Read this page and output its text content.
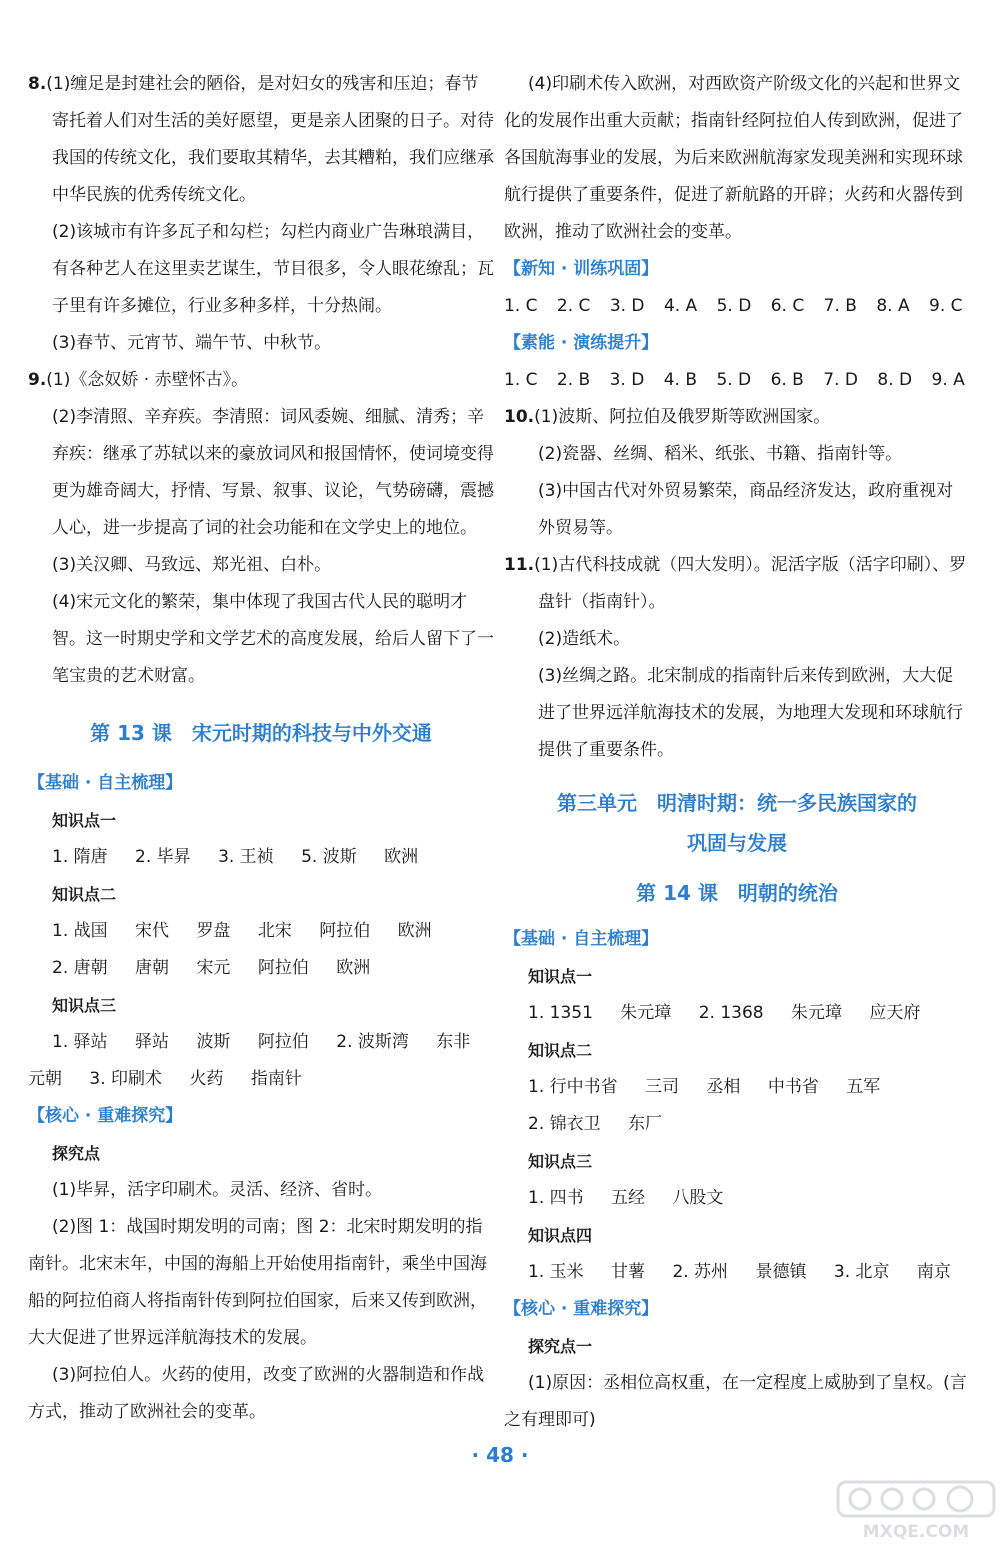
8.(1)缠足是封建社会的陋俗，是对妇女的残害和压迫；春节寄托着人们对生活的美好愿望，更是亲人团聚的日子。对待我国的传统文化，我们要取其精华，去其糟粕，我们应继承中华民族的优秀传统文化。

(2)该城市有许多瓦子和勾栏；勾栏内商业广告琳琅满目，有各种艺人在这里卖艺谋生，节目很多，令人眼花缭乱；瓦子里有许多摊位，行业多种多样，十分热闹。

(3)春节、元宵节、端午节、中秋节。

9.(1)《念奴娇 · 赤壁怀古》。

(2)李清照、辛弃疾。李清照：词风委婉、细腻、清秀；辛弃疾：继承了苏轼以来的豪放词风和报国情怀，使词境变得更为雄奇阔大，抒情、写景、叙事、议论，气势磅礴，震撼人心，进一步提高了词的社会功能和在文学史上的地位。

(3)关汉卿、马致远、郑光祖、白朴。

(4)宋元文化的繁荣，集中体现了我国古代人民的聪明才智。这一时期史学和文学艺术的高度发展，给后人留下了一笔宝贵的艺术财富。

第 13 课　宋元时期的科技与中外交通

【基础 · 自主梳理】

知识点一

1. 隋唐 2. 毕昇 3. 王祯 5. 波斯 欧洲

知识点二

1. 战国 宋代 罗盘 北宋 阿拉伯 欧洲

2. 唐朝 唐朝 宋元 阿拉伯 欧洲

知识点三

1. 驿站 驿站 波斯 阿拉伯 2. 波斯湾 东非

元朝 3. 印刷术 火药 指南针

【核心 · 重难探究】

探究点

(1)毕昇，活字印刷术。灵活、经济、省时。

(2)图 1：战国时期发明的司南；图 2：北宋时期发明的指南针。北宋末年，中国的海船上开始使用指南针，乘坐中国海船的阿拉伯商人将指南针传到阿拉伯国家，后来又传到欧洲，大大促进了世界远洋航海技术的发展。

(3)阿拉伯人。火药的使用，改变了欧洲的火器制造和作战方式，推动了欧洲社会的变革。

(4)印刷术传入欧洲，对西欧资产阶级文化的兴起和世界文化的发展作出重大贡献；指南针经阿拉伯人传到欧洲，促进了各国航海事业的发展，为后来欧洲航海家发现美洲和实现环球航行提供了重要条件，促进了新航路的开辟；火药和火器传到欧洲，推动了欧洲社会的变革。

【新知 · 训练巩固】

1. C 2. C 3. D 4. A 5. D 6. C 7. B 8. A 9. C

【素能 · 演练提升】

1. C 2. B 3. D 4. B 5. D 6. B 7. D 8. D 9. A

10.(1)波斯、阿拉伯及俄罗斯等欧洲国家。

(2)瓷器、丝绸、稻米、纸张、书籍、指南针等。

(3)中国古代对外贸易繁荣，商品经济发达，政府重视对外贸易等。

11.(1)古代科技成就（四大发明）。泥活字版（活字印刷）、罗盘针（指南针）。

(2)造纸术。

(3)丝绸之路。北宋制成的指南针后来传到欧洲，大大促进了世界远洋航海技术的发展，为地理大发现和环球航行提供了重要条件。

第三单元　明清时期：统一多民族国家的

巩固与发展

第 14 课　明朝的统治

【基础 · 自主梳理】

知识点一

1. 1351 朱元璋 2. 1368 朱元璋 应天府

知识点二

1. 行中书省 三司 丞相 中书省 五军

2. 锦衣卫 东厂

知识点三

1. 四书 五经 八股文

知识点四

1. 玉米 甘薯 2. 苏州 景德镇 3. 北京 南京

【核心 · 重难探究】

探究点一

(1)原因：丞相位高权重，在一定程度上威胁到了皇权。(言之有理即可)

· 48 ·
MXQE.COM
